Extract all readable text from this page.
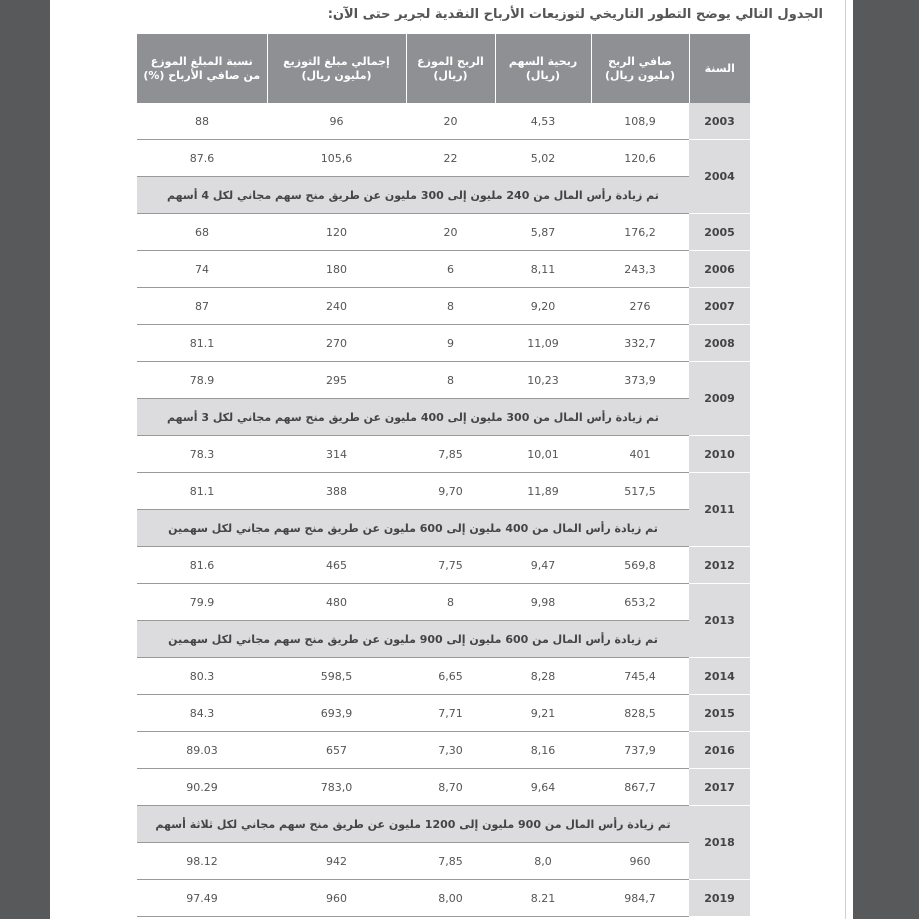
الجدول التالي يوضح التطور التاريخي لتوزيعات الأرباح النقدية لجرير حتى الآن:
السنة	صافي الربح (مليون ريال)	ربحية السهم (ريال)	الربح الموزع (ريال)	إجمالي مبلغ التوزيع (مليون ريال)	نسبة المبلغ الموزع من صافي الأرباح (%)
2003	108,9	4,53	20	96	88
2004	120,6	5,02	22	105,6	87.6
	تم زيادة رأس المال من 240 مليون إلى 300 مليون عن طريق منح سهم مجاني لكل 4 أسهم				
2005	176,2	5,87	20	120	68
2006	243,3	8,11	6	180	74
2007	276	9,20	8	240	87
2008	332,7	11,09	9	270	81.1
2009	373,9	10,23	8	295	78.9
	تم زيادة رأس المال من 300 مليون إلى 400 مليون عن طريق منح سهم مجاني لكل 3 أسهم				
2010	401	10,01	7,85	314	78.3
2011	517,5	11,89	9,70	388	81.1
	تم زيادة رأس المال من 400 مليون إلى 600 مليون عن طريق منح سهم مجاني لكل سهمين				
2012	569,8	9,47	7,75	465	81.6
2013	653,2	9,98	8	480	79.9
	تم زيادة رأس المال من 600 مليون إلى 900 مليون عن طريق منح سهم مجاني لكل سهمين				
2014	745,4	8,28	6,65	598,5	80.3
2015	828,5	9,21	7,71	693,9	84.3
2016	737,9	8,16	7,30	657	89.03
2017	867,7	9,64	8,70	783,0	90.29
2018	تم زيادة رأس المال من 900 مليون إلى 1200 مليون عن طريق منح سهم مجاني لكل ثلاثة أسهم				
	960	8,0	7,85	942	98.12
2019	984,7	8.21	8,00	960	97.49
